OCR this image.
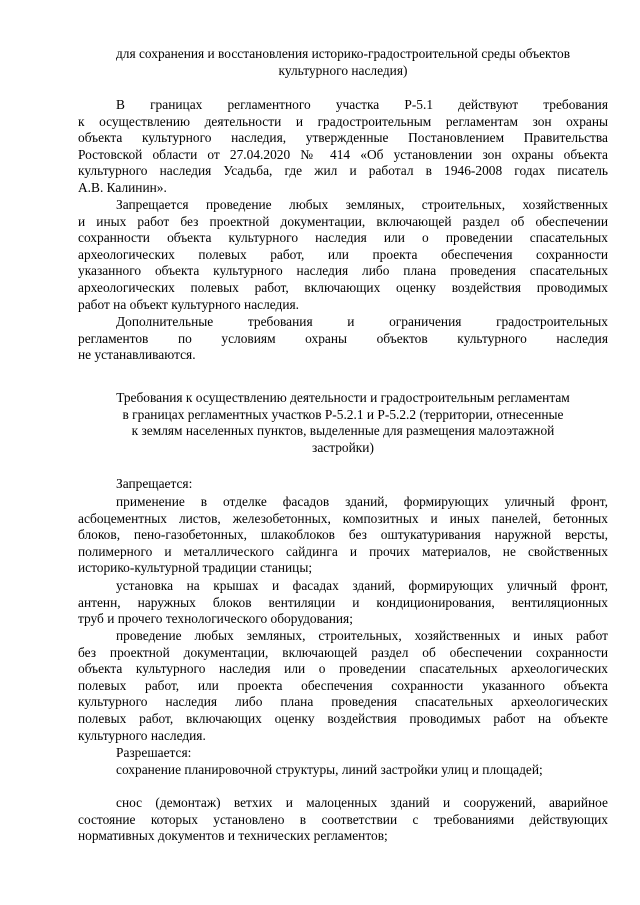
для сохранения и восстановления историко-градостроительной среды объектов
культурного наследия)
В границах регламентного участка Р-5.1 действуют требования
к осуществлению деятельности и градостроительным регламентам зон охраны
объекта культурного наследия, утвержденные Постановлением Правительства
Ростовской области от 27.04.2020 № 414 «Об установлении зон охраны объекта
культурного наследия Усадьба, где жил и работал в 1946-2008 годах писатель
А.В. Калинин».
Запрещается проведение любых земляных, строительных, хозяйственных
и иных работ без проектной документации, включающей раздел об обеспечении
сохранности объекта культурного наследия или о проведении спасательных
археологических полевых работ, или проекта обеспечения сохранности
указанного объекта культурного наследия либо плана проведения спасательных
археологических полевых работ, включающих оценку воздействия проводимых
работ на объект культурного наследия.
Дополнительные требования и ограничения градостроительных
регламентов по условиям охраны объектов культурного наследия
не устанавливаются.
Требования к осуществлению деятельности и градостроительным регламентам
в границах регламентных участков Р-5.2.1 и Р-5.2.2 (территории, отнесенные
к землям населенных пунктов, выделенные для размещения малоэтажной
застройки)
Запрещается:
применение в отделке фасадов зданий, формирующих уличный фронт,
асбоцементных листов, железобетонных, композитных и иных панелей, бетонных
блоков, пено-газобетонных, шлакоблоков без оштукатуривания наружной версты,
полимерного и металлического сайдинга и прочих материалов, не свойственных
историко-культурной традиции станицы;
установка на крышах и фасадах зданий, формирующих уличный фронт,
антенн, наружных блоков вентиляции и кондиционирования, вентиляционных
труб и прочего технологического оборудования;
проведение любых земляных, строительных, хозяйственных и иных работ
без проектной документации, включающей раздел об обеспечении сохранности
объекта культурного наследия или о проведении спасательных археологических
полевых работ, или проекта обеспечения сохранности указанного объекта
культурного наследия либо плана проведения спасательных археологических
полевых работ, включающих оценку воздействия проводимых работ на объекте
культурного наследия.
Разрешается:
сохранение планировочной структуры, линий застройки улиц и площадей;
снос (демонтаж) ветхих и малоценных зданий и сооружений, аварийное
состояние которых установлено в соответствии с требованиями действующих
нормативных документов и технических регламентов;
